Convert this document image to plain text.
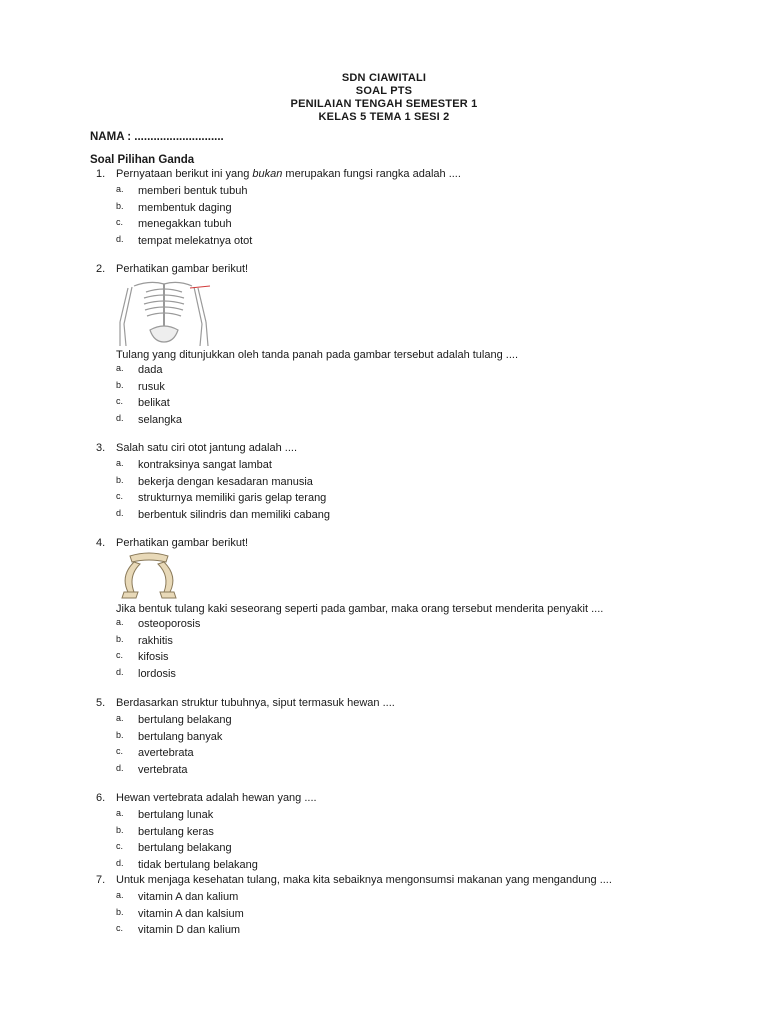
SDN CIAWITALI
SOAL PTS
PENILAIAN TENGAH SEMESTER 1
KELAS 5 TEMA 1 SESI 2
NAMA : ............................
Soal Pilihan Ganda
1. Pernyataan berikut ini yang bukan merupakan fungsi rangka adalah ....
a.	memberi bentuk tubuh
b.	membentuk daging
c.	menegakkan tubuh
d.	tempat melekatnya otot
2. Perhatikan gambar berikut!
Tulang yang ditunjukkan oleh tanda panah pada gambar tersebut adalah tulang ....
a.	dada
b.	rusuk
c.	belikat
d.	selangka
3. Salah satu ciri otot jantung adalah ....
a.	kontraksinya sangat lambat
b.	bekerja dengan kesadaran manusia
c.	strukturnya memiliki garis gelap terang
d.	berbentuk silindris dan memiliki cabang
4. Perhatikan gambar berikut!
Jika bentuk tulang kaki seseorang seperti pada gambar, maka orang tersebut menderita penyakit ....
a.	osteoporosis
b.	rakhitis
c.	kifosis
d.	lordosis
5. Berdasarkan struktur tubuhnya, siput termasuk hewan ....
a.	bertulang belakang
b.	bertulang banyak
c.	avertebrata
d.	vertebrata
6. Hewan vertebrata adalah hewan yang ....
a.	bertulang lunak
b.	bertulang keras
c.	bertulang belakang
d.	tidak bertulang belakang
7. Untuk menjaga kesehatan tulang, maka kita sebaiknya mengonsumsi makanan yang mengandung ....
a.	vitamin A dan kalium
b.	vitamin A dan kalsium
c.	vitamin D dan kalium
